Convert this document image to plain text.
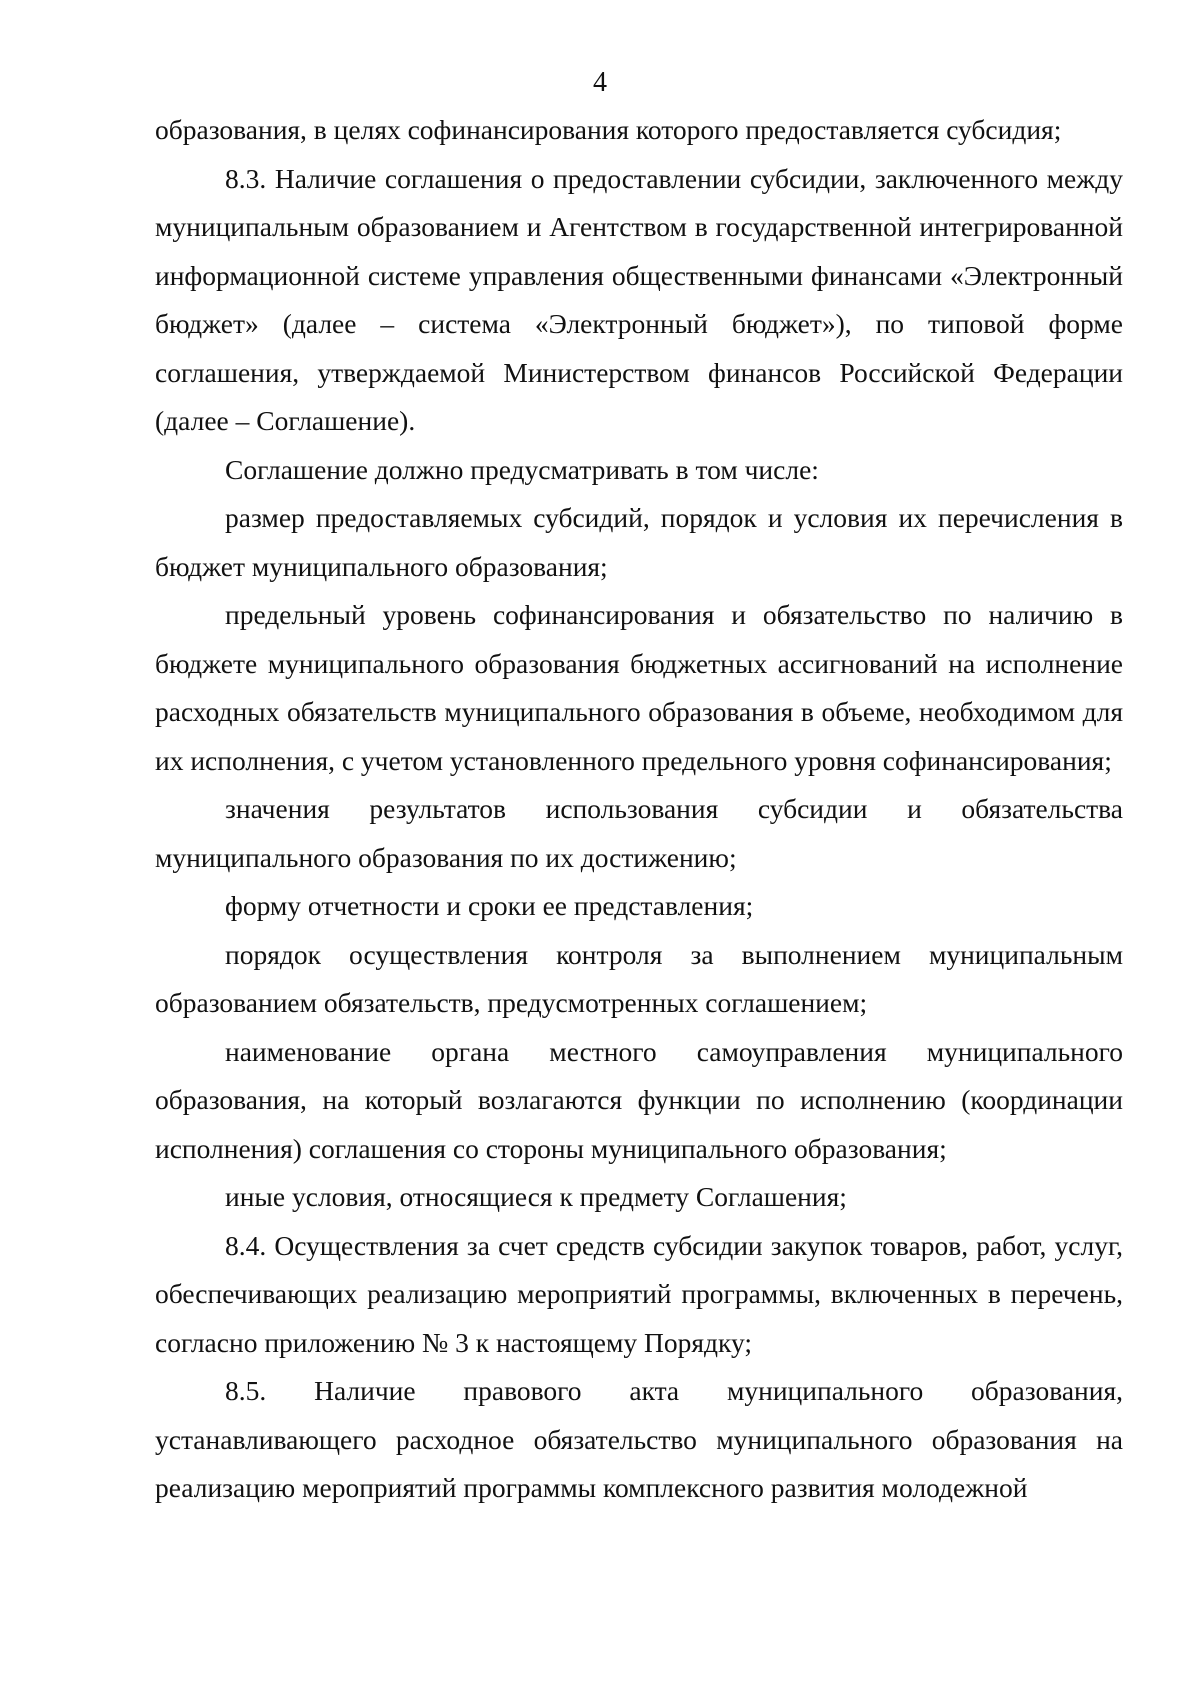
4

образования, в целях софинансирования которого предоставляется субсидия;

8.3. Наличие соглашения о предоставлении субсидии, заключенного между муниципальным образованием и Агентством в государственной интегрированной информационной системе управления общественными финансами «Электронный бюджет» (далее – система «Электронный бюджет»), по типовой форме соглашения, утверждаемой Министерством финансов Российской Федерации (далее – Соглашение).

Соглашение должно предусматривать в том числе:

размер предоставляемых субсидий, порядок и условия их перечисления в бюджет муниципального образования;

предельный уровень софинансирования и обязательство по наличию в бюджете муниципального образования бюджетных ассигнований на исполнение расходных обязательств муниципального образования в объеме, необходимом для их исполнения, с учетом установленного предельного уровня софинансирования;

значения результатов использования субсидии и обязательства муниципального образования по их достижению;

форму отчетности и сроки ее представления;

порядок осуществления контроля за выполнением муниципальным образованием обязательств, предусмотренных соглашением;

наименование органа местного самоуправления муниципального образования, на который возлагаются функции по исполнению (координации исполнения) соглашения со стороны муниципального образования;

иные условия, относящиеся к предмету Соглашения;

8.4. Осуществления за счет средств субсидии закупок товаров, работ, услуг, обеспечивающих реализацию мероприятий программы, включенных в перечень, согласно приложению № 3 к настоящему Порядку;

8.5. Наличие правового акта муниципального образования, устанавливающего расходное обязательство муниципального образования на реализацию мероприятий программы комплексного развития молодежной
